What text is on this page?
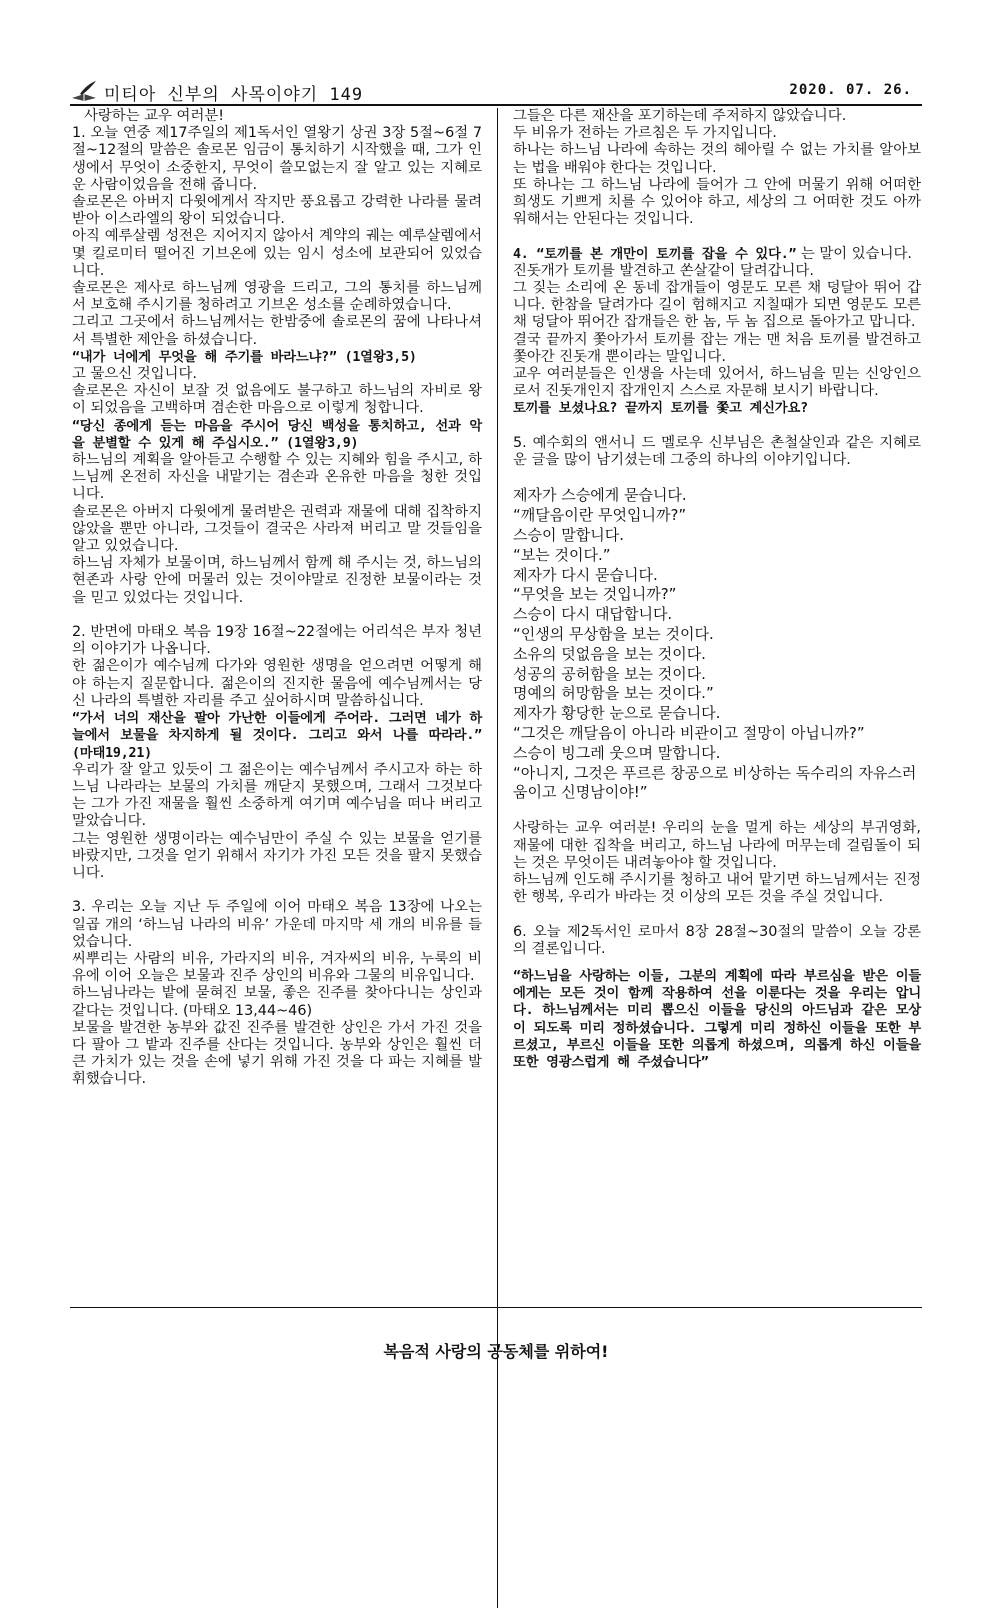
미티아 신부의 사목이야기 149	2020. 07. 26.

사랑하는 교우 여러분!

1. 오늘 연중 제17주일의 제1독서인 열왕기 상권 3장 5절~6절 7절~12절의 말씀은 솔로몬 임금이 통치하기 시작했을 때, 그가 인생에서 무엇이 소중한지, 무엇이 쓸모없는지 잘 알고 있는 지혜로운 사람이었음을 전해 줍니다.

솔로몬은 아버지 다윗에게서 작지만 풍요롭고 강력한 나라를 물려받아 이스라엘의 왕이 되었습니다.

아직 예루살렘 성전은 지어지지 않아서 계약의 궤는 예루살렘에서 몇 킬로미터 떨어진 기브온에 있는 임시 성소에 보관되어 있었습니다.

솔로몬은 제사로 하느님께 영광을 드리고, 그의 통치를 하느님께서 보호해 주시기를 청하려고 기브온 성소를 순례하였습니다.

그리고 그곳에서 하느님께서는 한밤중에 솔로몬의 꿈에 나타나셔서 특별한 제안을 하셨습니다.

“내가 너에게 무엇을 해 주기를 바라느냐?” (1열왕3,5)

고 물으신 것입니다.

솔로몬은 자신이 보잘 것 없음에도 불구하고 하느님의 자비로 왕이 되었음을 고백하며 겸손한 마음으로 이렇게 청합니다.

“당신 종에게 듣는 마음을 주시어 당신 백성을 통치하고, 선과 악을 분별할 수 있게 해 주십시오.” (1열왕3,9)

하느님의 계획을 알아듣고 수행할 수 있는 지혜와 힘을 주시고, 하느님께 온전히 자신을 내맡기는 겸손과 온유한 마음을 청한 것입니다.

솔로몬은 아버지 다윗에게 물려받은 권력과 재물에 대해 집착하지 않았을 뿐만 아니라, 그것들이 결국은 사라져 버리고 말 것들임을 알고 있었습니다.

하느님 자체가 보물이며, 하느님께서 함께 해 주시는 것, 하느님의 현존과 사랑 안에 머물러 있는 것이야말로 진정한 보물이라는 것을 믿고 있었다는 것입니다.

2. 반면에 마태오 복음 19장 16절~22절에는 어리석은 부자 청년의 이야기가 나옵니다.

한 젊은이가 예수님께 다가와 영원한 생명을 얻으려면 어떻게 해야 하는지 질문합니다. 젊은이의 진지한 물음에 예수님께서는 당신 나라의 특별한 자리를 주고 싶어하시며 말씀하십니다.

“가서 너의 재산을 팔아 가난한 이들에게 주어라. 그러면 네가 하늘에서 보물을 차지하게 될 것이다. 그리고 와서 나를 따라라.” (마태19,21)

우리가 잘 알고 있듯이 그 젊은이는 예수님께서 주시고자 하는 하느님 나라라는 보물의 가치를 깨닫지 못했으며, 그래서 그것보다는 그가 가진 재물을 훨씬 소중하게 여기며 예수님을 떠나 버리고 말았습니다.

그는 영원한 생명이라는 예수님만이 주실 수 있는 보물을 얻기를 바랐지만, 그것을 얻기 위해서 자기가 가진 모든 것을 팔지 못했습니다.

3. 우리는 오늘 지난 두 주일에 이어 마태오 복음 13장에 나오는 일곱 개의 ‘하느님 나라의 비유’ 가운데 마지막 세 개의 비유를 들었습니다.

씨뿌리는 사람의 비유, 가라지의 비유, 겨자씨의 비유, 누룩의 비유에 이어 오늘은 보물과 진주 상인의 비유와 그물의 비유입니다.

하느님나라는 밭에 묻혀진 보물, 좋은 진주를 찾아다니는 상인과 같다는 것입니다. (마태오 13,44~46)

보물을 발견한 농부와 값진 진주를 발견한 상인은 가서 가진 것을 다 팔아 그 밭과 진주를 산다는 것입니다. 농부와 상인은 훨씬 더 큰 가치가 있는 것을 손에 넣기 위해 가진 것을 다 파는 지혜를 발휘했습니다.

그들은 다른 재산을 포기하는데 주저하지 않았습니다.

두 비유가 전하는 가르침은 두 가지입니다.

하나는 하느님 나라에 속하는 것의 헤아릴 수 없는 가치를 알아보는 법을 배워야 한다는 것입니다.

또 하나는 그 하느님 나라에 들어가 그 안에 머물기 위해 어떠한 희생도 기쁘게 치를 수 있어야 하고, 세상의 그 어떠한 것도 아까워해서는 안된다는 것입니다.

4. “토끼를 본 개만이 토끼를 잡을 수 있다.” 는 말이 있습니다.

진돗개가 토끼를 발견하고 쏜살같이 달려갑니다.

그 짖는 소리에 온 동네 잡개들이 영문도 모른 채 덩달아 뛰어 갑니다. 한참을 달려가다 길이 험해지고 지칠때가 되면 영문도 모른채 덩달아 뛰어간 잡개들은 한 놈, 두 놈 집으로 돌아가고 맙니다.

결국 끝까지 쫓아가서 토끼를 잡는 개는 맨 처음 토끼를 발견하고 쫓아간 진돗개 뿐이라는 말입니다.

교우 여러분들은 인생을 사는데 있어서, 하느님을 믿는 신앙인으로서 진돗개인지 잡개인지 스스로 자문해 보시기 바랍니다.

토끼를 보셨나요? 끝까지 토끼를 쫓고 계신가요?

5. 예수회의 앤서니 드 멜로우 신부님은 촌철살인과 같은 지혜로운 글을 많이 남기셨는데 그중의 하나의 이야기입니다.

제자가 스승에게 묻습니다.

“깨달음이란 무엇입니까?”

스승이 말합니다.

“보는 것이다.”

제자가 다시 묻습니다.

“무엇을 보는 것입니까?”

스승이 다시 대답합니다.

“인생의 무상함을 보는 것이다.

소유의 덧없음을 보는 것이다.

성공의 공허함을 보는 것이다.

명예의 허망함을 보는 것이다.”

제자가 황당한 눈으로 묻습니다.

“그것은 깨달음이 아니라 비관이고 절망이 아닙니까?”

스승이 빙그레 웃으며 말합니다.

“아니지, 그것은 푸르른 창공으로 비상하는 독수리의 자유스러움이고 신명남이야!”

사랑하는 교우 여러분! 우리의 눈을 멀게 하는 세상의 부귀영화, 재물에 대한 집착을 버리고, 하느님 나라에 머무는데 걸림돌이 되는 것은 무엇이든 내려놓아야 할 것입니다.

하느님께 인도해 주시기를 청하고 내어 맡기면 하느님께서는 진정한 행복, 우리가 바라는 것 이상의 모든 것을 주실 것입니다.

6. 오늘 제2독서인 로마서 8장 28절~30절의 말씀이 오늘 강론의 결론입니다.

“하느님을 사랑하는 이들, 그분의 계획에 따라 부르심을 받은 이들에게는 모든 것이 함께 작용하여 선을 이룬다는 것을 우리는 압니다. 하느님께서는 미리 뽑으신 이들을 당신의 아드님과 같은 모상이 되도록 미리 정하셨습니다. 그렇게 미리 정하신 이들을 또한 부르셨고, 부르신 이들을 또한 의롭게 하셨으며, 의롭게 하신 이들을 또한 영광스럽게 해 주셨습니다”

복음적 사랑의 공동체를 위하여!
